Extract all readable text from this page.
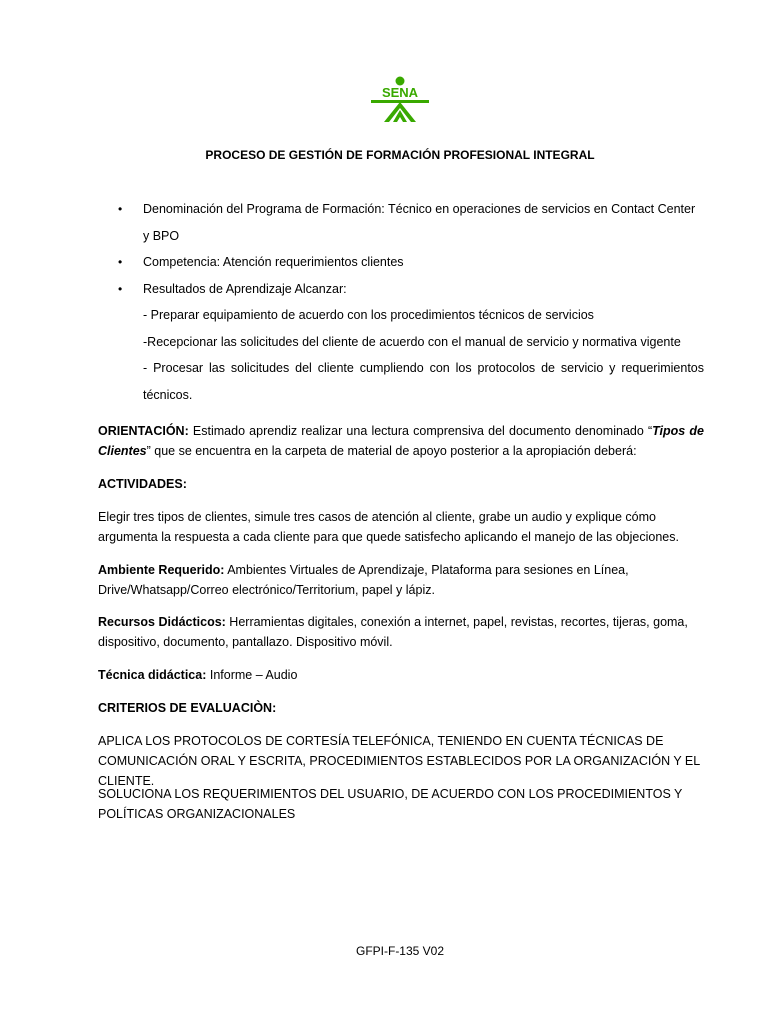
SENA
PROCESO DE GESTIÓN DE FORMACIÓN PROFESIONAL INTEGRAL
• Denominación del Programa de Formación: Técnico en operaciones de servicios en Contact Center y BPO
• Competencia: Atención requerimientos clientes
• Resultados de Aprendizaje Alcanzar:
- Preparar equipamiento de acuerdo con los procedimientos técnicos de servicios
-Recepcionar las solicitudes del cliente de acuerdo con el manual de servicio y normativa vigente
- Procesar las solicitudes del cliente cumpliendo con los protocolos de servicio y requerimientos técnicos.

ORIENTACIÓN: Estimado aprendiz realizar una lectura comprensiva del documento denominado “Tipos de Clientes” que se encuentra en la carpeta de material de apoyo posterior a la apropiación deberá:

ACTIVIDADES:

Elegir tres tipos de clientes, simule tres casos de atención al cliente, grabe un audio y explique cómo argumenta la respuesta a cada cliente para que quede satisfecho aplicando el manejo de las objeciones.

Ambiente Requerido: Ambientes Virtuales de Aprendizaje, Plataforma para sesiones en Línea, Drive/Whatsapp/Correo electrónico/Territorium, papel y lápiz.

Recursos Didácticos: Herramientas digitales, conexión a internet, papel, revistas, recortes, tijeras, goma, dispositivo, documento, pantallazo. Dispositivo móvil.

Técnica didáctica: Informe – Audio

CRITERIOS DE EVALUACIÒN:

APLICA LOS PROTOCOLOS DE CORTESÍA TELEFÓNICA, TENIENDO EN CUENTA TÉCNICAS DE COMUNICACIÓN ORAL Y ESCRITA, PROCEDIMIENTOS ESTABLECIDOS POR LA ORGANIZACIÓN Y EL CLIENTE.

SOLUCIONA LOS REQUERIMIENTOS DEL USUARIO, DE ACUERDO CON LOS PROCEDIMIENTOS Y POLÍTICAS ORGANIZACIONALES

GFPI-F-135 V02
